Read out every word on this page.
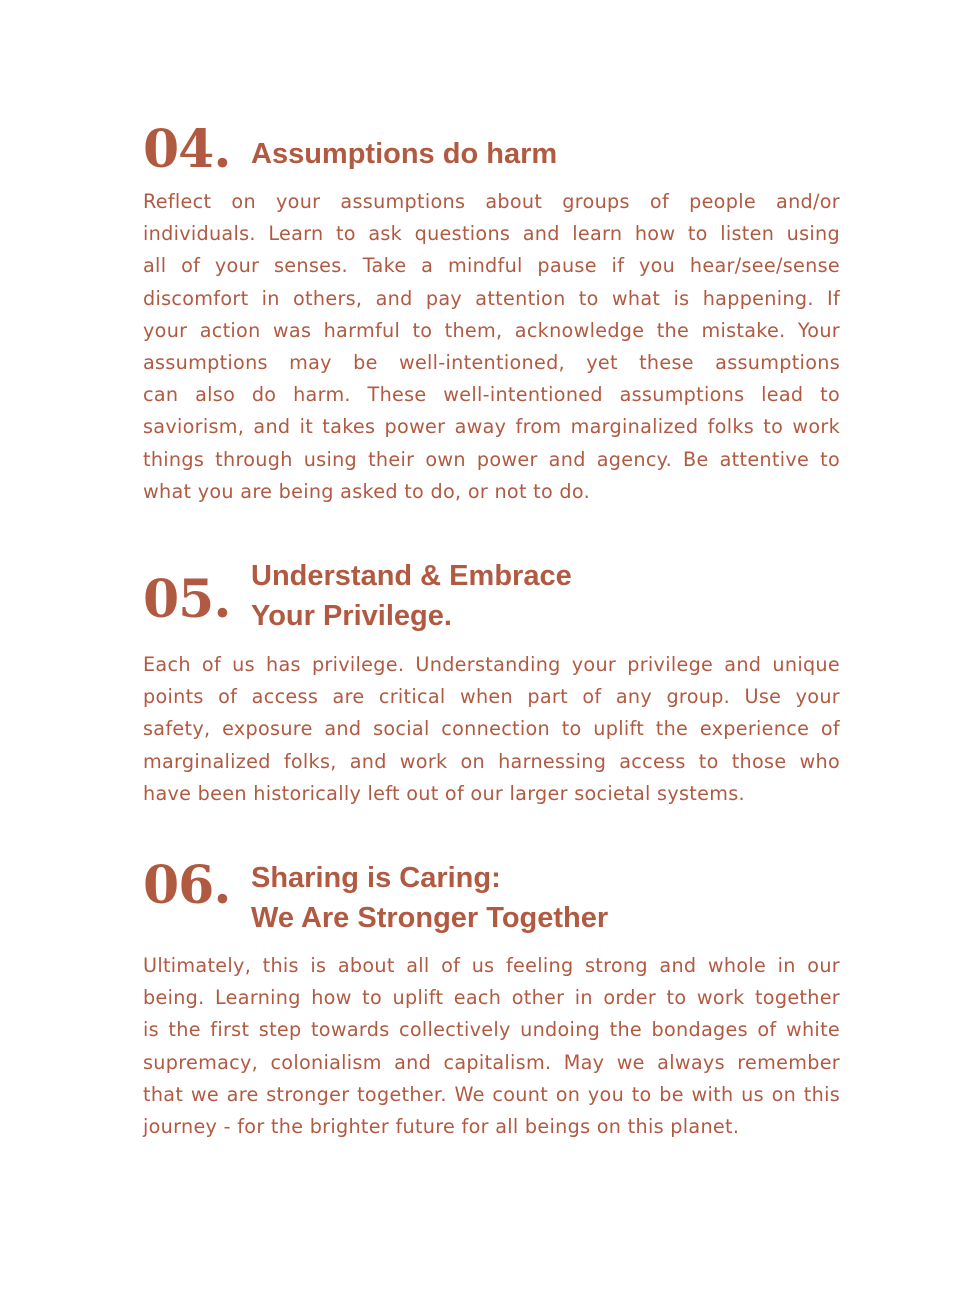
04. Assumptions do harm
Reflect on your assumptions about groups of people and/or
individuals. Learn to ask questions and learn how to listen using
all of your senses. Take a mindful pause if you hear/see/sense
discomfort in others, and pay attention to what is happening. If
your action was harmful to them, acknowledge the mistake. Your
assumptions may be well-intentioned, yet these assumptions
can also do harm. These well-intentioned assumptions lead to
saviorism, and it takes power away from marginalized folks to work
things through using their own power and agency. Be attentive to
what you are being asked to do, or not to do.
05. Understand & Embrace
Your Privilege.
Each of us has privilege. Understanding your privilege and unique
points of access are critical when part of any group. Use your
safety, exposure and social connection to uplift the experience of
marginalized folks, and work on harnessing access to those who
have been historically left out of our larger societal systems.
06. Sharing is Caring:
We Are Stronger Together
Ultimately, this is about all of us feeling strong and whole in our
being. Learning how to uplift each other in order to work together
is the first step towards collectively undoing the bondages of white
supremacy, colonialism and capitalism. May we always remember
that we are stronger together. We count on you to be with us on this
journey - for the brighter future for all beings on this planet.
